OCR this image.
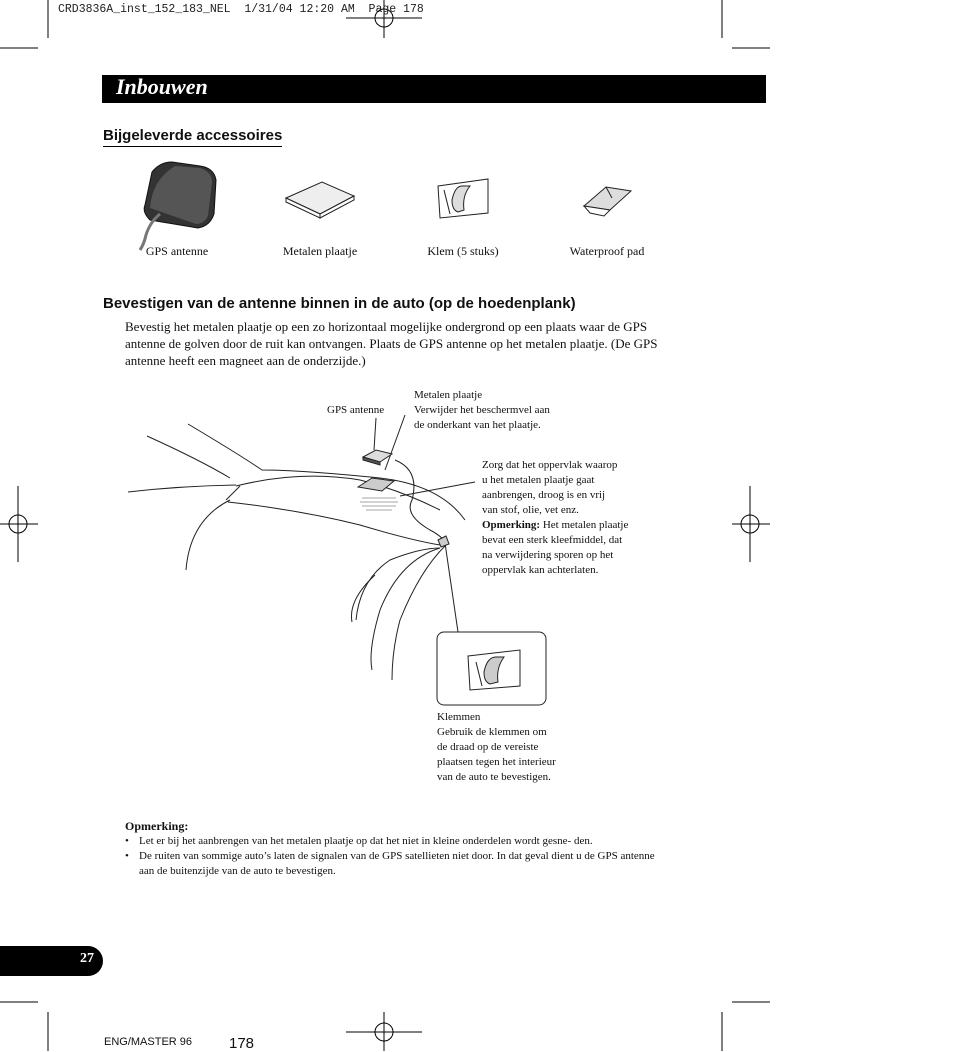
CRD3836A_inst_152_183_NEL  1/31/04 12:20 AM  Page 178
Inbouwen
Bijgeleverde accessoires
GPS antenne	Metalen plaatje	Klem (5 stuks)	Waterproof pad
Bevestigen van de antenne binnen in de auto (op de hoedenplank)
Bevestig het metalen plaatje op een zo horizontaal mogelijke ondergrond op een plaats waar de GPS antenne de golven door de ruit kan ontvangen. Plaats de GPS antenne op het metalen plaatje. (De GPS antenne heeft een magneet aan de onderzijde.)
GPS antenne
Metalen plaatje
Verwijder het beschermvel aan
de onderkant van het plaatje.
Zorg dat het oppervlak waarop
u het metalen plaatje gaat
aanbrengen, droog is en vrij
van stof, olie, vet enz.
Opmerking: Het metalen plaatje
bevat een sterk kleefmiddel, dat
na verwijdering sporen op het
oppervlak kan achterlaten.
Klemmen
Gebruik de klemmen om
de draad op de vereiste
plaatsen tegen het interieur
van de auto te bevestigen.
Opmerking:
• Let er bij het aanbrengen van het metalen plaatje op dat het niet in kleine onderdelen wordt gesne- den.
• De ruiten van sommige auto’s laten de signalen van de GPS satellieten niet door. In dat geval dient u de GPS antenne aan de buitenzijde van de auto te bevestigen.
27
ENG/MASTER 96 178
